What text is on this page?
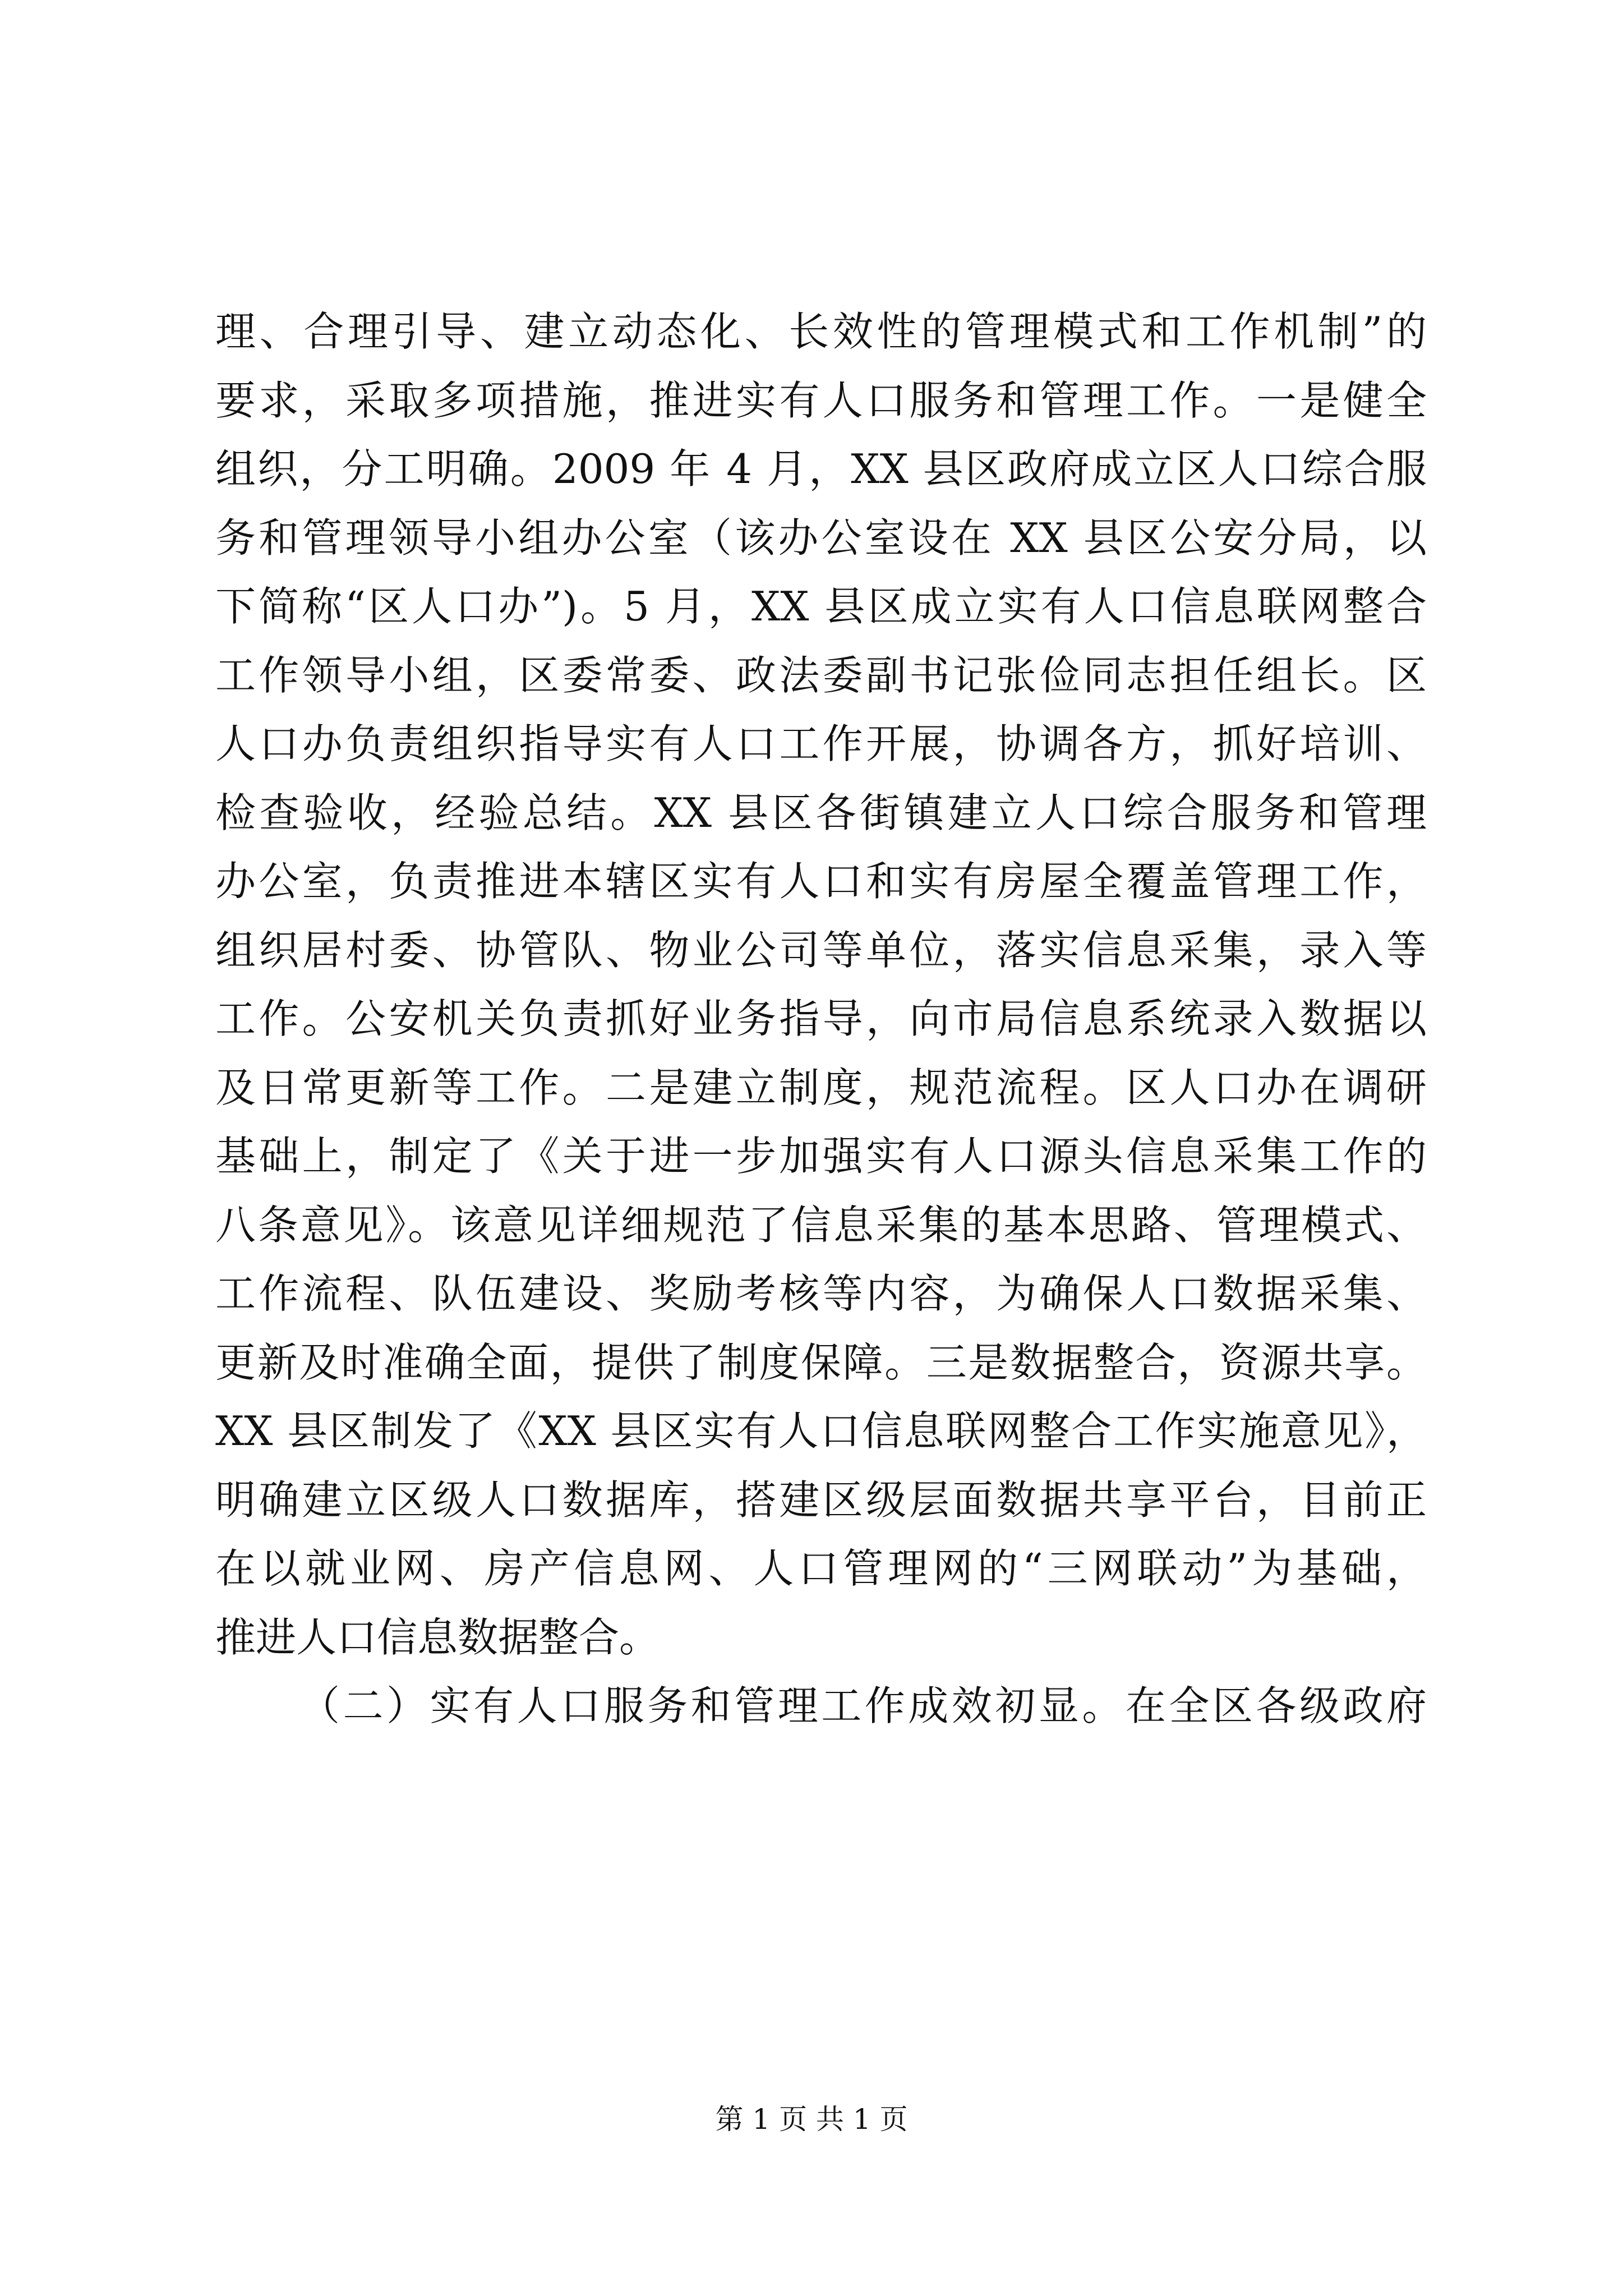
理、合理引导、建立动态化、长效性的管理模式和工作机制”的
要求，采取多项措施，推进实有人口服务和管理工作。一是健全
组织，分工明确。2009 年 4 月，XX 县区政府成立区人口综合服
务和管理领导小组办公室（该办公室设在 XX 县区公安分局，以
下简称“区人口办”)。5 月，XX 县区成立实有人口信息联网整合
工作领导小组，区委常委、政法委副书记张俭同志担任组长。区
人口办负责组织指导实有人口工作开展，协调各方，抓好培训、
检查验收，经验总结。XX 县区各街镇建立人口综合服务和管理
办公室，负责推进本辖区实有人口和实有房屋全覆盖管理工作，
组织居村委、协管队、物业公司等单位，落实信息采集，录入等
工作。公安机关负责抓好业务指导，向市局信息系统录入数据以
及日常更新等工作。二是建立制度，规范流程。区人口办在调研
基础上，制定了《关于进一步加强实有人口源头信息采集工作的
八条意见》。该意见详细规范了信息采集的基本思路、管理模式、
工作流程、队伍建设、奖励考核等内容，为确保人口数据采集、
更新及时准确全面，提供了制度保障。三是数据整合，资源共享。
XX 县区制发了《XX 县区实有人口信息联网整合工作实施意见》，
明确建立区级人口数据库，搭建区级层面数据共享平台，目前正
在以就业网、房产信息网、人口管理网的“三网联动”为基础，
推进人口信息数据整合。
（二）实有人口服务和管理工作成效初显。在全区各级政府
第 1 页 共 1 页
